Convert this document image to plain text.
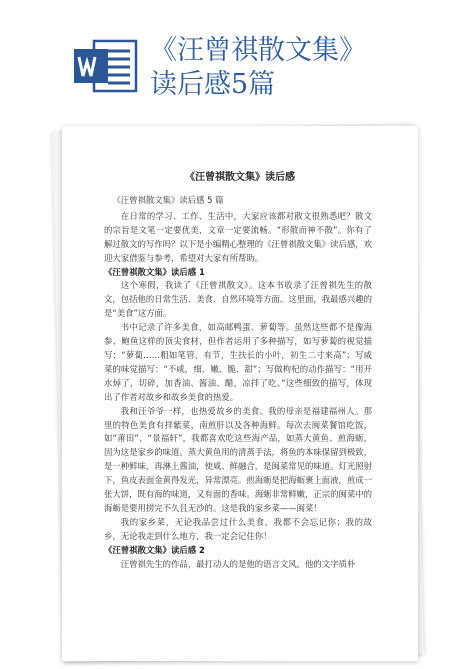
《汪曾祺散文集》
读后感5篇
《汪曾祺散文集》读后感

《汪曾祺散文集》读后感 5 篇

在日常的学习、工作、生活中，大家应该都对散文很熟悉吧？散文的宗旨是文笔一定要优美，文章一定要流畅。“形散而神不散”。你有了解过散文的写作吗？以下是小编精心整理的《汪曾祺散文集》读后感，欢迎大家借鉴与参考，希望对大家有所帮助。

《汪曾祺散文集》读后感 1

这个寒假，我读了《汪曾祺散文》。这本书收录了汪曾祺先生的散文，包括他的日常生活、美食、自然环境等方面。这里面，我最感兴趣的是“美食”这方面。

书中记录了许多美食，如高邮鸭蛋、萝蔔等。虽然这些都不是像海参、鲍鱼这样的顶尖食材，但作者运用了多种描写，如写萝蔔的视觉描写：“萝蔔……粗如笔管，有节，生扶长的小叶，初生二寸来高”；写咸菜的味觉描写：“不咸，细、嫩、脆、甜”；写做枸杞的动作描写：“用开水焯了，切碎，加香油、酱油、醋，凉拌了吃。”这些细致的描写，体现出了作者对故乡和故乡美食的热爱。

我和汪爷爷一样，也热爱故乡的美食。我的母亲是福建福州人。那里的特色美食有拌紫菜、南煎肝以及各种海鲜。每次去闽菜餐馆吃饭，如“莆田”、“景福轩”，我都喜欢吃这些海产品，如蒸大黄鱼、煎海蛎，因为这是家乡的味道。蒸大黄鱼用的清蒸手法，将鱼的本味保留到极致，是一种鲜味，再淋上酱油，使咸、鲜融合，是闽菜常见的味道。灯光照射下，鱼皮表面金黄得发光，异常漂亮。煎海蛎是把海蛎裹上面液，煎成一张大饼，既有海的味道，又有面的香味。海蛎非常鲜嫩，正宗的闽菜中的海蛎是要用捞完不久且无沙的。这是我的家乡菜——闽菜！

我的家乡菜，无论我品尝过什么美食，我都不会忘记你；我的故乡，无论我走到什么地方，我一定会记住你！

《汪曾祺散文集》读后感 2

汪曾祺先生的作品，最打动人的是他的语言文风。他的文字质朴
